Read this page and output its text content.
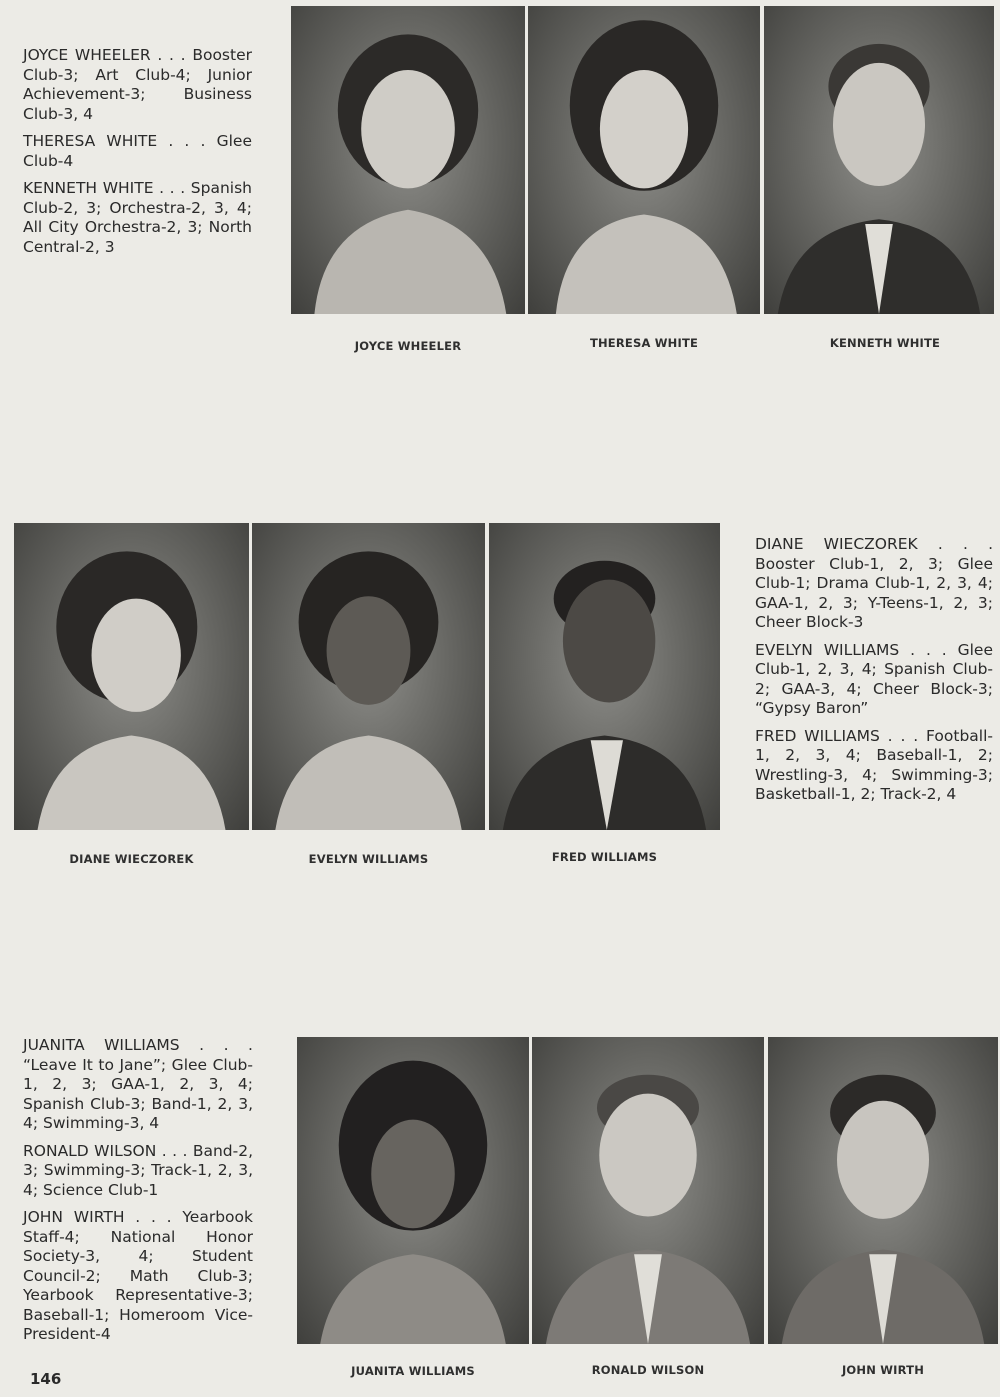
JOYCE WHEELER . . . Booster Club-3; Art Club-4; Junior Achievement-3; Business Club-3, 4

THERESA WHITE . . . Glee Club-4

KENNETH WHITE . . . Spanish Club-2, 3; Orchestra-2, 3, 4; All City Orchestra-2, 3; North Central-2, 3

JOYCE WHEELER	THERESA WHITE	KENNETH WHITE

DIANE WIECZOREK . . . Booster Club-1, 2, 3; Glee Club-1; Drama Club-1, 2, 3, 4; GAA-1, 2, 3; Y-Teens-1, 2, 3; Cheer Block-3

EVELYN WILLIAMS . . . Glee Club-1, 2, 3, 4; Spanish Club-2; GAA-3, 4; Cheer Block-3; “Gypsy Baron”

FRED WILLIAMS . . . Football-1, 2, 3, 4; Baseball-1, 2; Wrestling-3, 4; Swimming-3; Basketball-1, 2; Track-2, 4

DIANE WIECZOREK	EVELYN WILLIAMS	FRED WILLIAMS

JUANITA WILLIAMS . . . “Leave It to Jane”; Glee Club-1, 2, 3; GAA-1, 2, 3, 4; Spanish Club-3; Band-1, 2, 3, 4; Swimming-3, 4

RONALD WILSON . . . Band-2, 3; Swimming-3; Track-1, 2, 3, 4; Science Club-1

JOHN WIRTH . . . Yearbook Staff-4; National Honor Society-3, 4; Student Council-2; Math Club-3; Yearbook Representative-3; Baseball-1; Homeroom Vice-President-4

JUANITA WILLIAMS	RONALD WILSON	JOHN WIRTH
146
